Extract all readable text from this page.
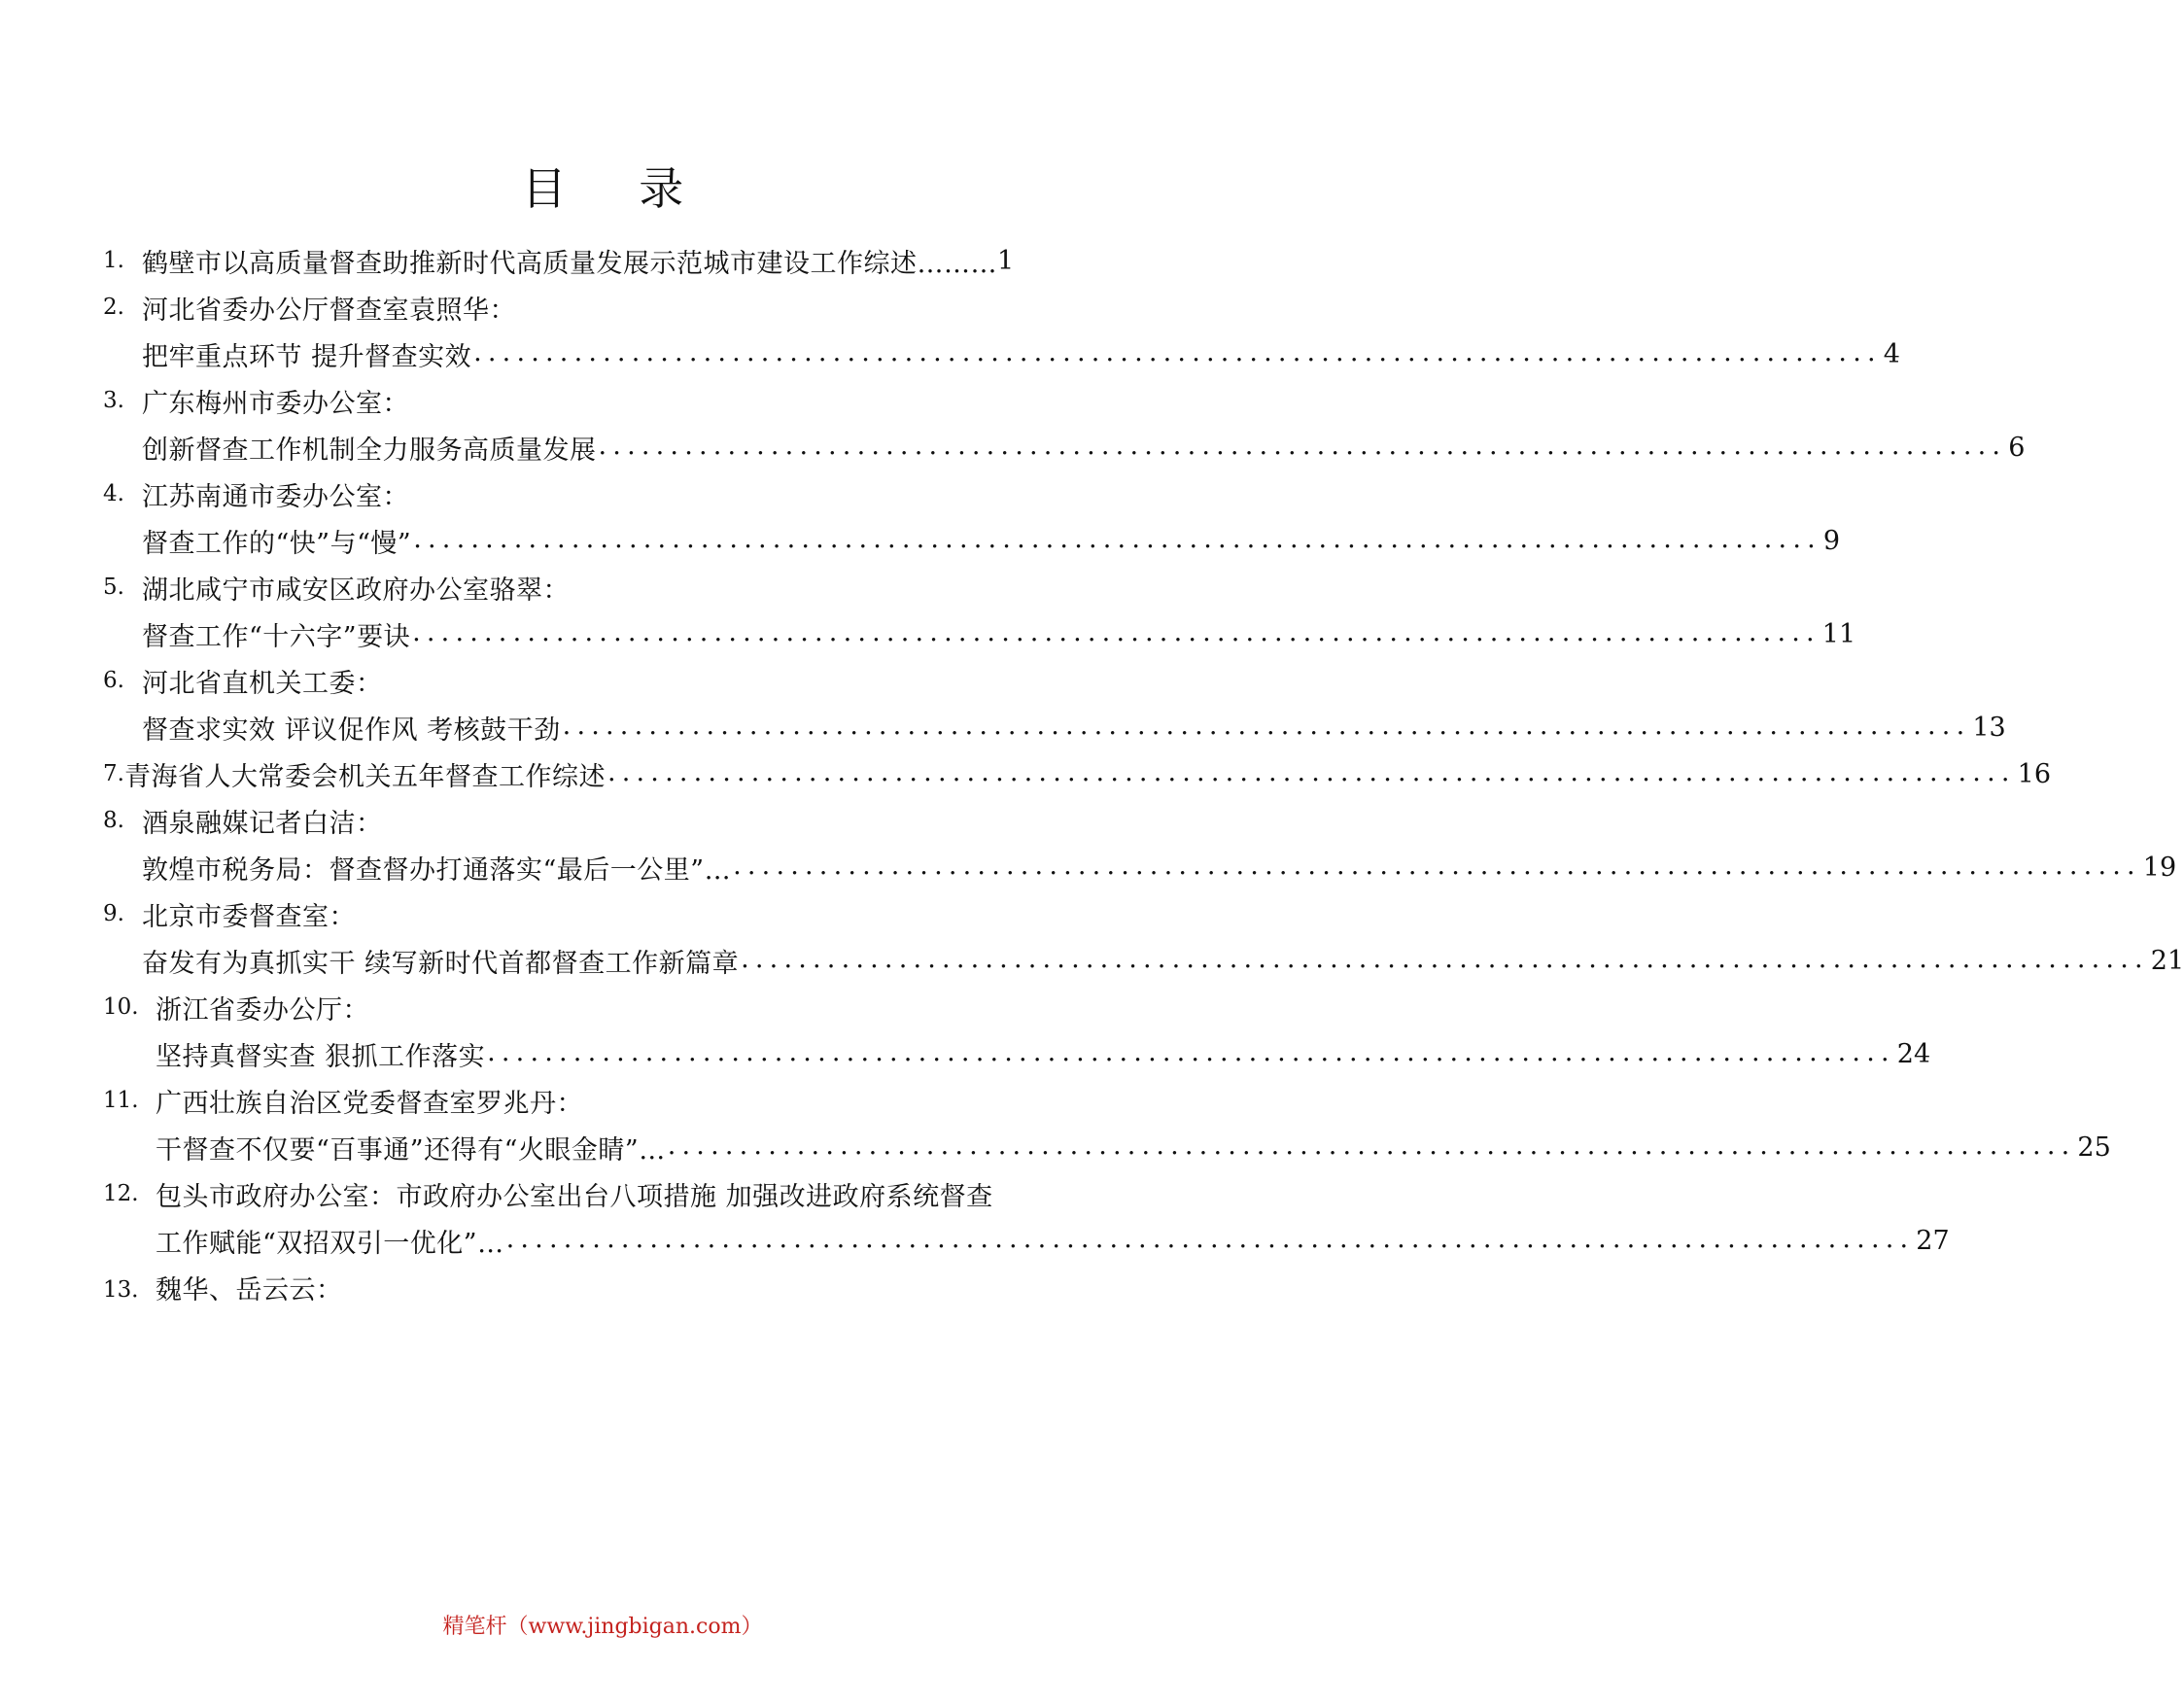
目 录
1. 鹤壁市以高质量督查助推新时代高质量发展示范城市建设工作综述……… 1
2. 河北省委办公厅督查室袁照华：
把牢重点环节 提升督查实效 .................................................................................................. 4
3. 广东梅州市委办公室：
创新督查工作机制全力服务高质量发展 .................................................................................................. 6
4. 江苏南通市委办公室：
督查工作的“快”与“慢” .................................................................................................. 9
5. 湖北咸宁市咸安区政府办公室骆翠：
督查工作“十六字”要诀 .................................................................................................. 11
6. 河北省直机关工委：
督查求实效 评议促作风 考核鼓干劲 .................................................................................................. 13
7. 青海省人大常委会机关五年督查工作综述 .................................................................................................. 16
8. 酒泉融媒记者白洁：
敦煌市税务局：督查督办打通落实“最后一公里”… .................................................................................................. 19
9. 北京市委督查室：
奋发有为真抓实干 续写新时代首都督查工作新篇章 .................................................................................................. 21
10. 浙江省委办公厅：
坚持真督实查 狠抓工作落实 .................................................................................................. 24
11. 广西壮族自治区党委督查室罗兆丹：
干督查不仅要“百事通”还得有“火眼金睛”… .................................................................................................. 25
12. 包头市政府办公室：市政府办公室出台八项措施 加强改进政府系统督查
工作赋能“双招双引一优化”… .................................................................................................. 27
13． 魏华、岳云云：
精笔杆（www.jingbigan.com）
